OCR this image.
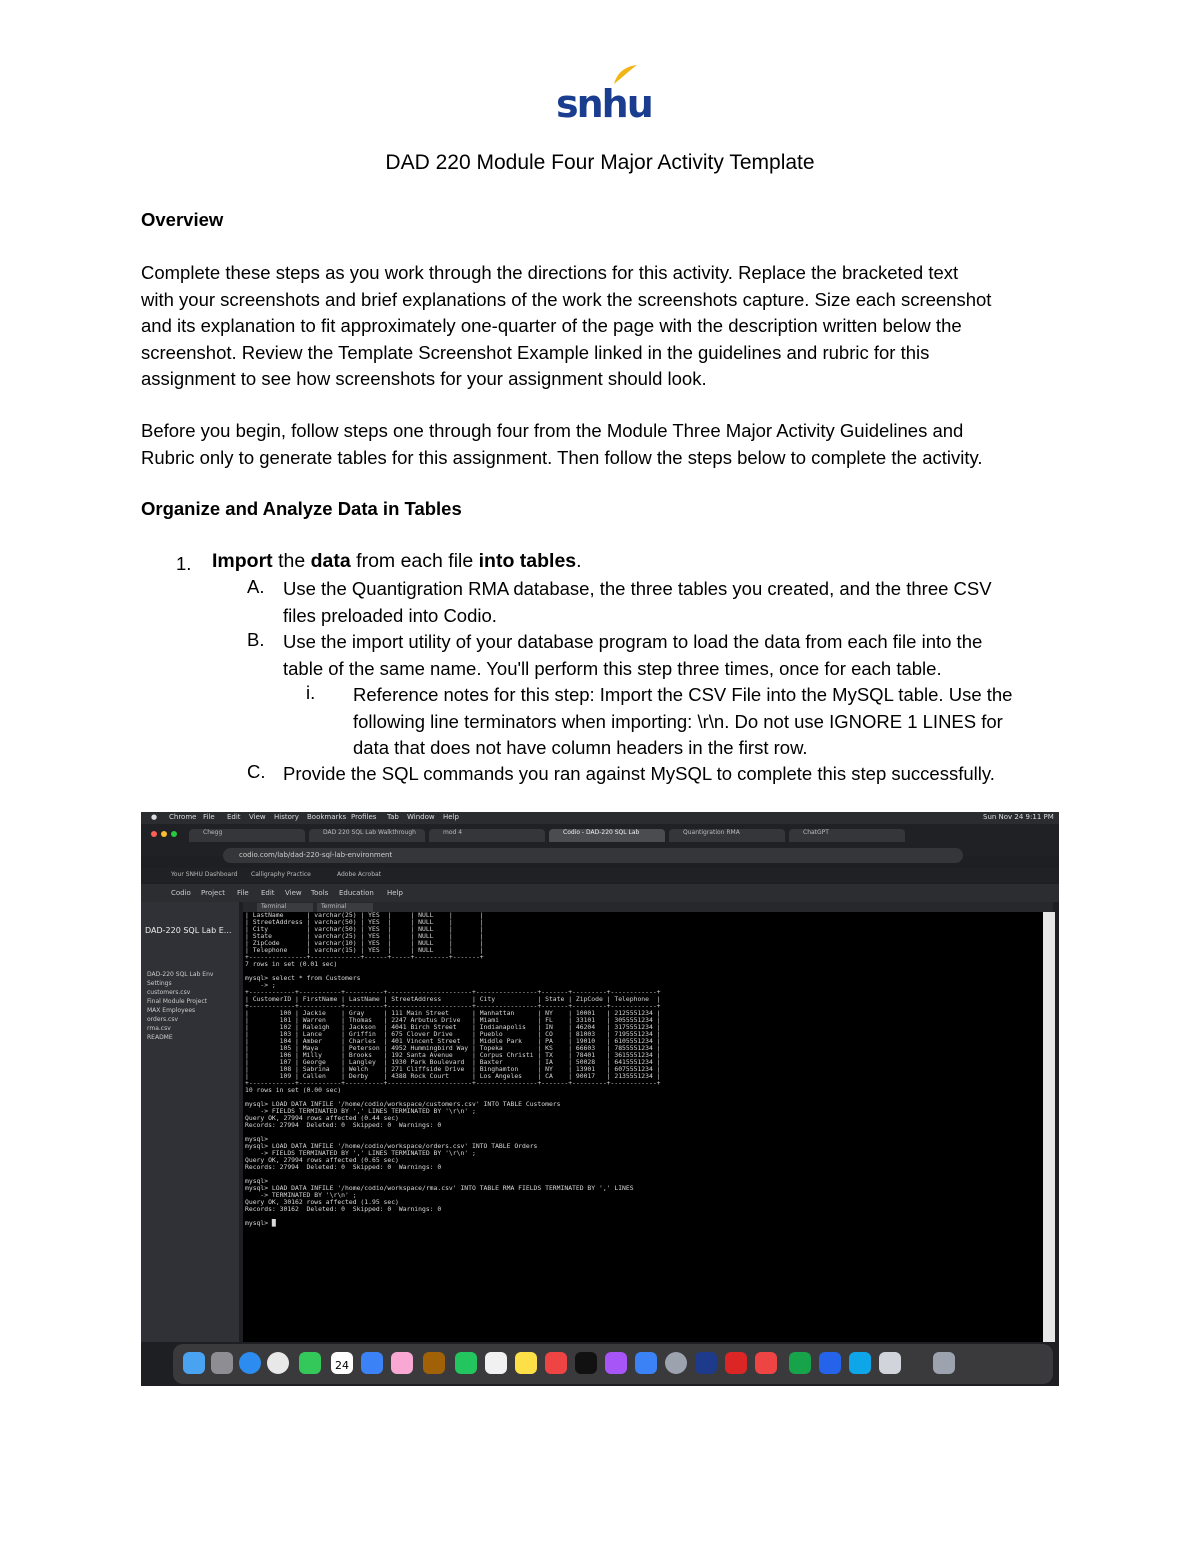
snhu
DAD 220 Module Four Major Activity Template
Overview
Complete these steps as you work through the directions for this activity. Replace the bracketed text
with your screenshots and brief explanations of the work the screenshots capture. Size each screenshot
and its explanation to fit approximately one-quarter of the page with the description written below the
screenshot. Review the Template Screenshot Example linked in the guidelines and rubric for this
assignment to see how screenshots for your assignment should look.
Before you begin, follow steps one through four from the Module Three Major Activity Guidelines and
Rubric only to generate tables for this assignment. Then follow the steps below to complete the activity.
Organize and Analyze Data in Tables
1. Import the data from each file into tables.
A. Use the Quantigration RMA database, the three tables you created, and the three CSV
files preloaded into Codio.
B. Use the import utility of your database program to load the data from each file into the
table of the same name. You'll perform this step three times, once for each table.
i. Reference notes for this step: Import the CSV File into the MySQL table. Use the
following line terminators when importing: \r\n. Do not use IGNORE 1 LINES for
data that does not have column headers in the first row.
C. Provide the SQL commands you ran against MySQL to complete this step successfully.
● Chrome File Edit View History Bookmarks Profiles Tab Window Help	Sun Nov 24 9:11 PM
Chegg	DAD 220 SQL Lab Walkthrough	mod 4	Codio - DAD-220 SQL Lab	Quantigration RMA	ChatGPT
codio.com/lab/dad-220-sql-lab-environment
Your SNHU Dashboard Calligraphy Practice	Adobe Acrobat
Codio Project File Edit View Tools Education Help
DAD-220 SQL Lab E...
DAD-220 SQL Lab Env
Settings
customers.csv
Final Module Project
MAX Employees
orders.csv
rma.csv
README
Terminal	Terminal
| LastName      | varchar(25) | YES  |     | NULL    |       |
| StreetAddress | varchar(50) | YES  |     | NULL    |       |
| City          | varchar(50) | YES  |     | NULL    |       |
| State         | varchar(25) | YES  |     | NULL    |       |
| ZipCode       | varchar(10) | YES  |     | NULL    |       |
| Telephone     | varchar(15) | YES  |     | NULL    |       |
+---------------+-------------+------+-----+---------+-------+
7 rows in set (0.01 sec)

mysql> select * from Customers
-> ;
+------------+-----------+----------+----------------------+----------------+-------+---------+------------+
| CustomerID | FirstName | LastName | StreetAddress        | City           | State | ZipCode | Telephone  |
+------------+-----------+----------+----------------------+----------------+-------+---------+------------+
|        100 | Jackie    | Gray     | 111 Main Street      | Manhattan      | NY    | 10001   | 2125551234 |
|        101 | Warren    | Thomas   | 2247 Arbutus Drive   | Miami          | FL    | 33101   | 3055551234 |
|        102 | Raleigh   | Jackson  | 4041 Birch Street    | Indianapolis   | IN    | 46204   | 3175551234 |
|        103 | Lance     | Griffin  | 675 Clover Drive     | Pueblo         | CO    | 81003   | 7195551234 |
|        104 | Amber     | Charles  | 401 Vincent Street   | Middle Park    | PA    | 19010   | 6105551234 |
|        105 | Maya      | Peterson | 4952 Hummingbird Way | Topeka         | KS    | 66603   | 7855551234 |
|        106 | Milly     | Brooks   | 192 Santa Avenue     | Corpus Christi | TX    | 78401   | 3615551234 |
|        107 | George    | Langley  | 1930 Park Boulevard  | Baxter         | IA    | 50028   | 6415551234 |
|        108 | Sabrina   | Welch    | 271 Cliffside Drive  | Binghamton     | NY    | 13901   | 6075551234 |
|        109 | Callen    | Derby    | 4388 Rock Court      | Los Angeles    | CA    | 90017   | 2135551234 |
+------------+-----------+----------+----------------------+----------------+-------+---------+------------+
10 rows in set (0.00 sec)

mysql> LOAD DATA INFILE '/home/codio/workspace/customers.csv' INTO TABLE Customers
-> FIELDS TERMINATED BY ',' LINES TERMINATED BY '\r\n' ;
Query OK, 27994 rows affected (0.44 sec)
Records: 27994  Deleted: 0  Skipped: 0  Warnings: 0

mysql>
mysql> LOAD DATA INFILE '/home/codio/workspace/orders.csv' INTO TABLE Orders
-> FIELDS TERMINATED BY ',' LINES TERMINATED BY '\r\n' ;
Query OK, 27994 rows affected (0.65 sec)
Records: 27994  Deleted: 0  Skipped: 0  Warnings: 0

mysql>
mysql> LOAD DATA INFILE '/home/codio/workspace/rma.csv' INTO TABLE RMA FIELDS TERMINATED BY ',' LINES
-> TERMINATED BY '\r\n' ;
Query OK, 30162 rows affected (1.95 sec)
Records: 30162  Deleted: 0  Skipped: 0  Warnings: 0

mysql> █
24
